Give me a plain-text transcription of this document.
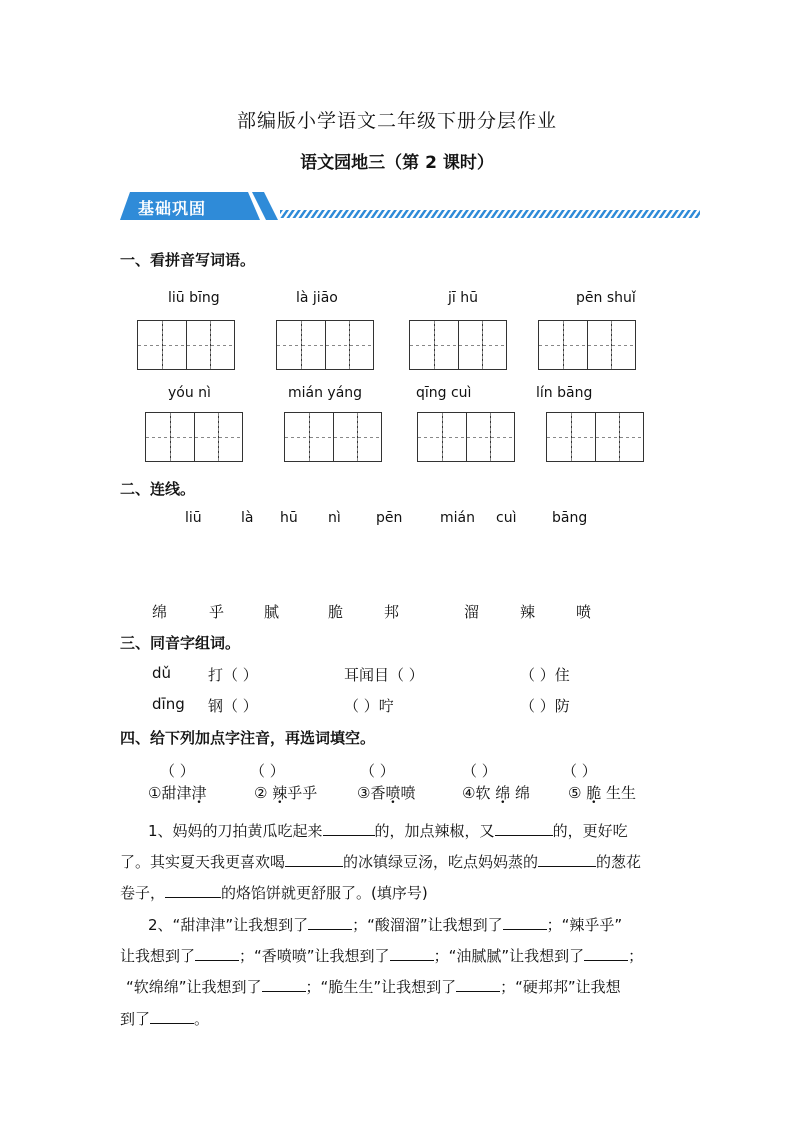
部编版小学语文二年级下册分层作业
语文园地三（第 2 课时）
基础巩固
一、看拼音写词语。
liū bīng	là jiāo	jī hū	pēn shuǐ
yóu nì	mián yáng	qīng cuì	lín bāng
二、连线。
liū	là hū nì	pēn	mián cuì	bāng
绵	乎	腻	脆	邦	溜	辣	喷
三、同音字组词。
dǔ 打（ ）	耳闻目（ ）	（ ）住
dīng 钢（ ）	（ ）咛	（ ）防
四、给下列加点字注音，再选词填空。
（ ）	（ ）	（ ）	（ ）	（ ）
①甜津津	② 辣乎乎	③香喷喷	④软 绵 绵	⑤ 脆 生生
1、妈妈的刀拍黄瓜吃起来	的，加点辣椒，又	的，更好吃
了。其实夏天我更喜欢喝	的冰镇绿豆汤，吃点妈妈蒸的	的葱花
卷子，	的烙馅饼就更舒服了。(填序号)
2、“甜津津”让我想到了	；“酸溜溜”让我想到了	；“辣乎乎”
让我想到了	；“香喷喷”让我想到了	；“油腻腻”让我想到了	；
“软绵绵”让我想到了	；“脆生生”让我想到了	；“硬邦邦”让我想
到了	。
